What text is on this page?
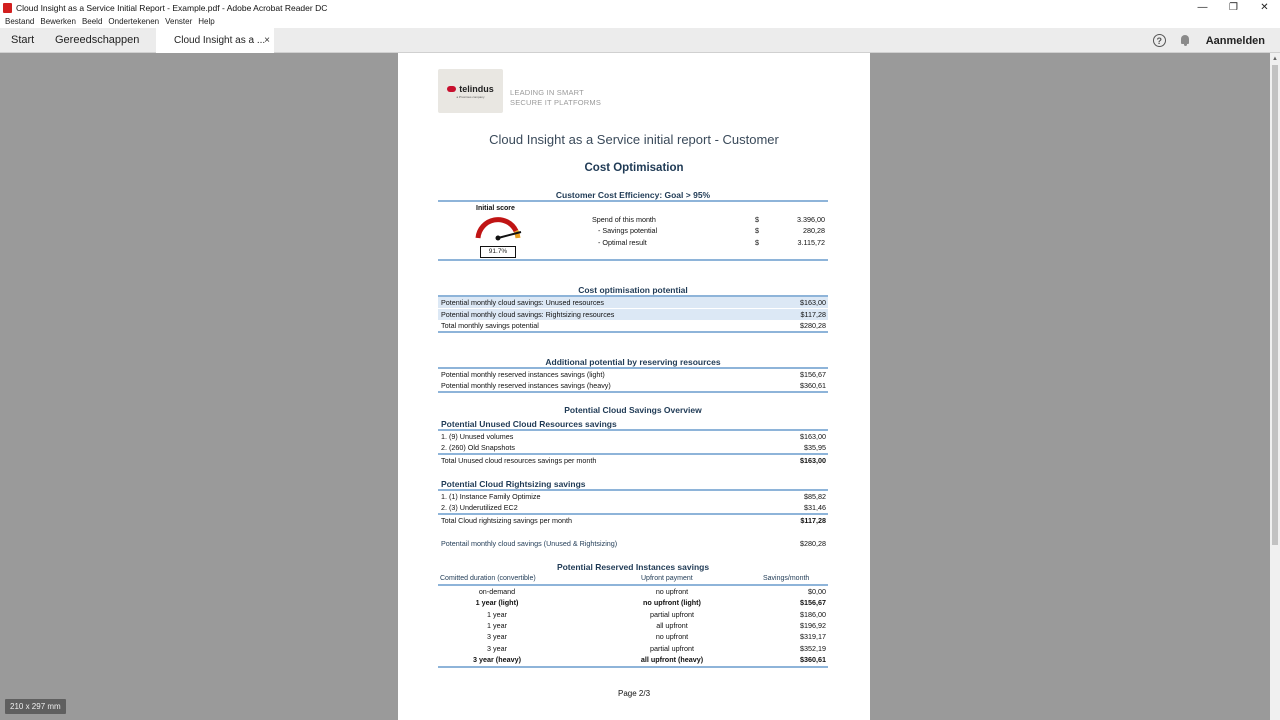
Cloud Insight as a Service Initial Report - Example.pdf - Adobe Acrobat Reader DC	—	❐	✕
Bestand Bewerken Beeld Ondertekenen Venster Help
Start Gereedschappen	Cloud Insight as a ...
×	?	Aanmelden
▲
telindus
a Proximus company	LEADING IN SMART
SECURE IT PLATFORMS
Cloud Insight as a Service initial report - Customer
Cost Optimisation
Customer Cost Efficiency: Goal > 95%
Initial score
91.7%
Spend of this month	$	3.396,00
- Savings potential	$	280,28
- Optimal result	$	3.115,72
Cost optimisation potential
Potential monthly cloud savings: Unused resources	$163,00
Potential monthly cloud savings: Rightsizing resources	$117,28
Total monthly savings potential	$280,28
Additional potential by reserving resources
Potential monthly reserved instances savings (light)	$156,67
Potential monthly reserved instances savings (heavy)	$360,61
Potential Cloud Savings Overview
Potential Unused Cloud Resources savings
1. (9) Unused volumes	$163,00
2. (260) Old Snapshots	$35,95
Total Unused cloud resources savings per month	$163,00
Potential Cloud Rightsizing savings
1. (1) Instance Family Optimize	$85,82
2. (3) Underutilized EC2	$31,46
Total Cloud rightsizing savings per month	$117,28
Potentail monthly cloud savings (Unused & Rightsizing)	$280,28
Potential Reserved Instances savings
Comitted duration (convertible)	Upfront payment	Savings/month
on-demand	no upfront	$0,00
1 year (light)	no upfront (light)	$156,67
1 year	partial upfront	$186,00
1 year	all upfront	$196,92
3 year	no upfront	$319,17
3 year	partial upfront	$352,19
3 year (heavy)	all upfront (heavy)	$360,61
Page 2/3
210 x 297 mm
